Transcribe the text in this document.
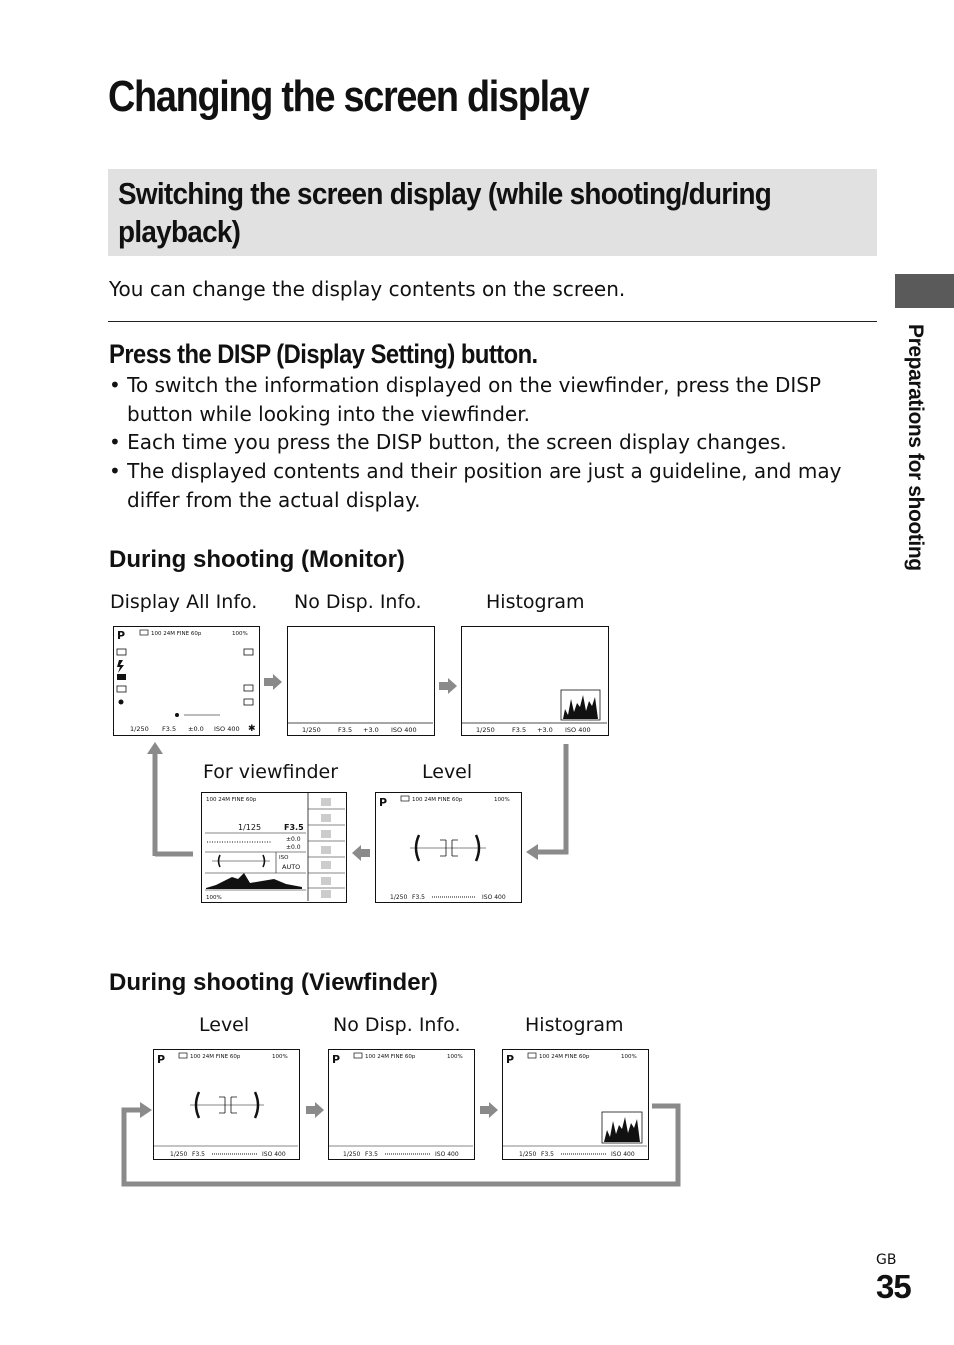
Changing the screen display
Switching the screen display (while shooting/during playback)
You can change the display contents on the screen.
Press the DISP (Display Setting) button.
• To switch the information displayed on the viewfinder, press the DISP button while looking into the viewfinder.
• Each time you press the DISP button, the screen display changes.
• The displayed contents and their position are just a guideline, and may differ from the actual display.	Preparations for shooting
During shooting (Monitor)
Display All Info. No Disp. Info.	Histogram
For viewfinder	Level
P	100 24M FINE 60p	100%
1/250 F3.5 ±0.0 ISO 400 ✱	1/250	F3.5 +3.0 ISO 400	1/250	F3.5 +3.0 ISO 400
100 24M FINE 60p
1/125	F3.5
±0.0
±0.0
ISO
AUTO
100%
P	100 24M FINE 60p	100%
1/250 F3.5	ISO 400
During shooting (Viewfinder)
Level	No Disp. Info.	Histogram
P	100 24M FINE 60p	100%
1/250 F3.5	ISO 400
P	100 24M FINE 60p	100%
1/250 F3.5	ISO 400
P	100 24M FINE 60p	100%
1/250 F3.5	ISO 400
GB
35
